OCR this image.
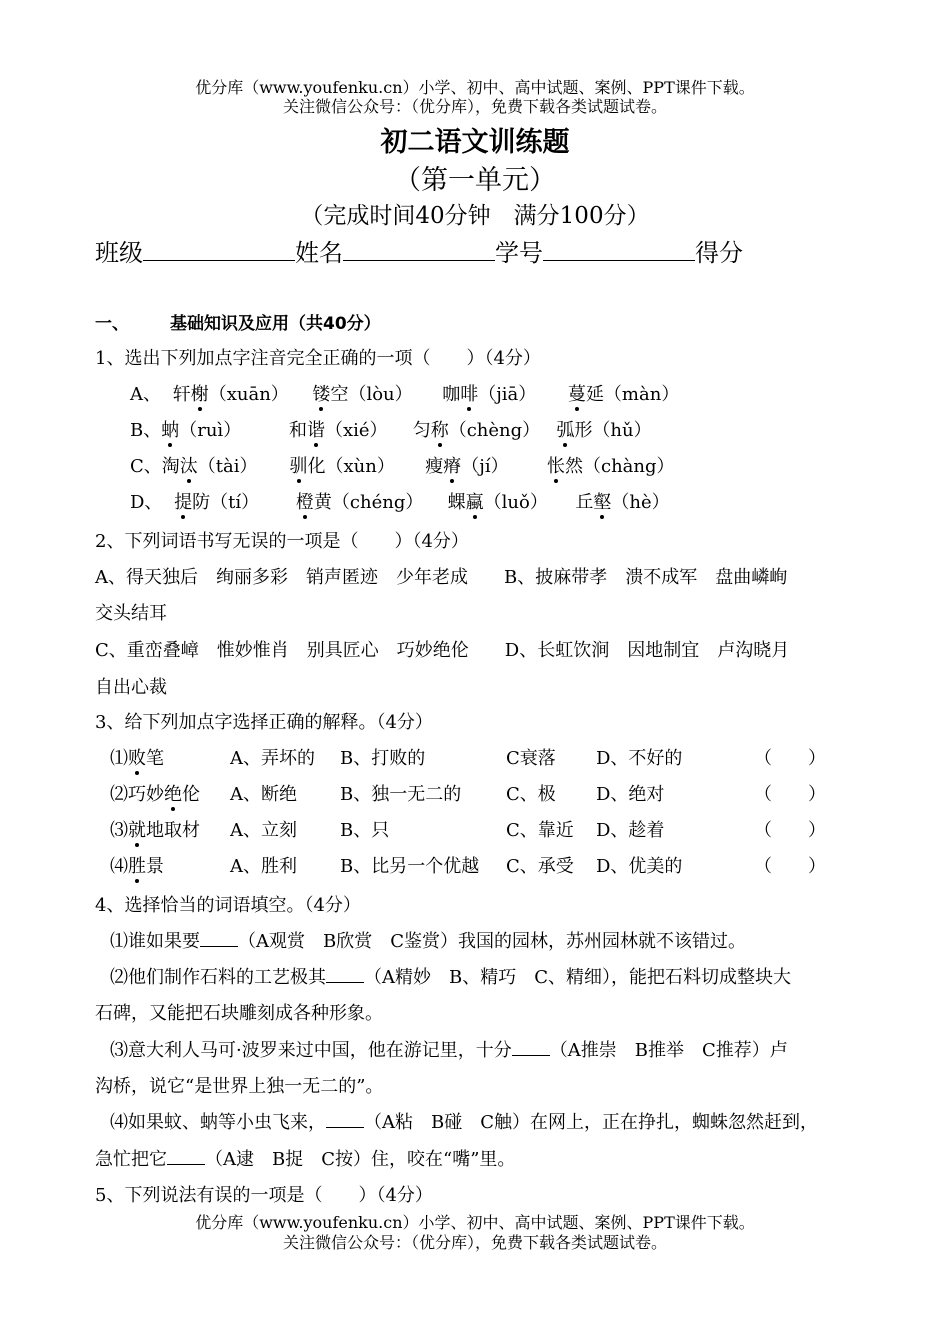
优分库（www.youfenku.cn）小学、初中、高中试题、案例、PPT课件下载。
关注微信公众号：（优分库），免费下载各类试题试卷。
初二语文训练题
（第一单元）
（完成时间40分钟　满分100分）
班级	姓名	学号	得分
一、 基础知识及应用（共40分）
1、选出下列加点字注音完全正确的一项（　　）（4分）
A、 轩榭（xuān） 镂空（lòu） 咖啡（jiā） 蔓延（màn）
B、蚋（ruì）	和谐（xié） 匀称（chèng） 弧形（hǔ）
C、淘汰（tài） 驯化（xùn） 瘦瘠（jí） 怅然（chàng）
D、 提防（tí） 橙黄（chéng） 蜾蠃（luǒ） 丘壑（hè）
2、下列词语书写无误的一项是（　　）（4分）
A、得天独后　绚丽多彩　销声匿迹　少年老成　　B、披麻带孝　溃不成军　盘曲嶙峋
交头结耳
C、重峦叠嶂　惟妙惟肖　别具匠心　巧妙绝伦　　D、长虹饮涧　因地制宜　卢沟晓月
自出心裁
3、给下列加点字选择正确的解释。（4分）
⑴败笔	A、弄坏的 B、打败的	C衰落 D、不好的	（　　）
⑵巧妙绝伦 A、断绝 B、独一无二的 C、极 D、绝对	（　　）
⑶就地取材 A、立刻 B、只	C、靠近 D、趁着	（　　）
⑷胜景	A、胜利 B、比另一个优越 C、承受 D、优美的	（　　）
4、选择恰当的词语填空。（4分）
⑴谁如果要 （A观赏　B欣赏　C鉴赏）我国的园林，苏州园林就不该错过。
⑵他们制作石料的工艺极其 （A精妙　B、精巧　C、精细），能把石料切成整块大
石碑，又能把石块雕刻成各种形象。
⑶意大利人马可·波罗来过中国，他在游记里，十分 （A推崇　B推举　C推荐）卢
沟桥，说它“是世界上独一无二的”。
⑷如果蚊、蚋等小虫飞来， （A粘　B碰　C触）在网上，正在挣扎，蜘蛛忽然赶到，
急忙把它 （A逮　B捉　C按）住，咬在“嘴”里。
5、下列说法有误的一项是（　　）（4分）
优分库（www.youfenku.cn）小学、初中、高中试题、案例、PPT课件下载。
关注微信公众号：（优分库），免费下载各类试题试卷。
